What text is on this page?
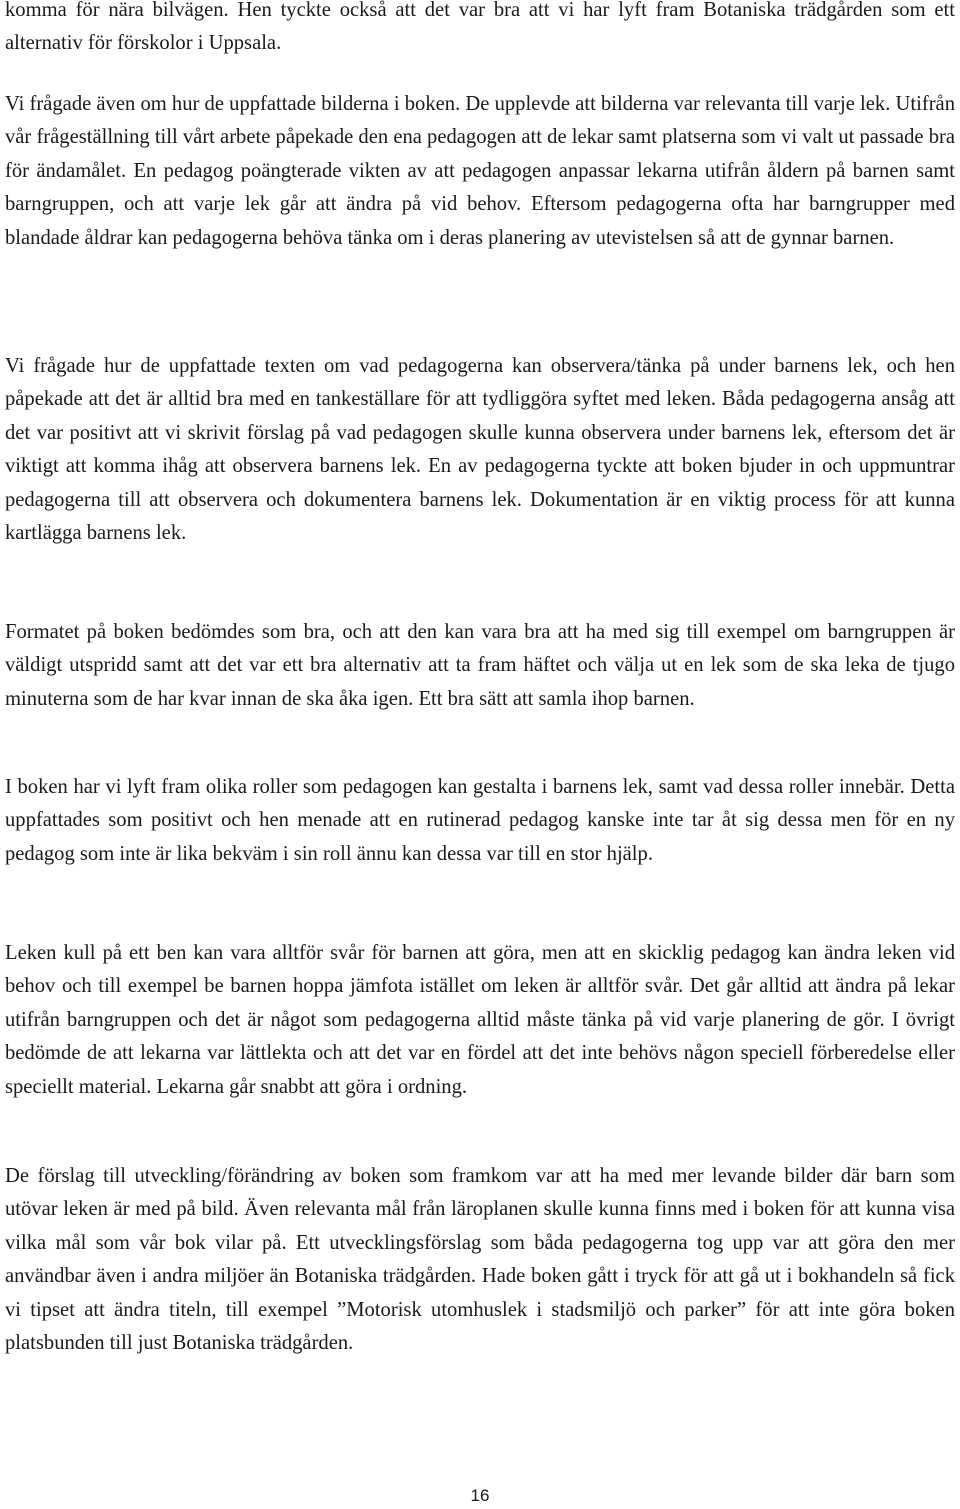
komma för nära bilvägen. Hen tyckte också att det var bra att vi har lyft fram Botaniska trädgården som ett alternativ för förskolor i Uppsala.

Vi frågade även om hur de uppfattade bilderna i boken. De upplevde att bilderna var relevanta till varje lek. Utifrån vår frågeställning till vårt arbete påpekade den ena pedagogen att de lekar samt platserna som vi valt ut passade bra för ändamålet. En pedagog poängterade vikten av att pedagogen anpassar lekarna utifrån åldern på barnen samt barngruppen, och att varje lek går att ändra på vid behov. Eftersom pedagogerna ofta har barngrupper med blandade åldrar kan pedagogerna behöva tänka om i deras planering av utevistelsen så att de gynnar barnen.

Vi frågade hur de uppfattade texten om vad pedagogerna kan observera/tänka på under barnens lek, och hen påpekade att det är alltid bra med en tankeställare för att tydliggöra syftet med leken. Båda pedagogerna ansåg att det var positivt att vi skrivit förslag på vad pedagogen skulle kunna observera under barnens lek, eftersom det är viktigt att komma ihåg att observera barnens lek. En av pedagogerna tyckte att boken bjuder in och uppmuntrar pedagogerna till att observera och dokumentera barnens lek. Dokumentation är en viktig process för att kunna kartlägga barnens lek.

Formatet på boken bedömdes som bra, och att den kan vara bra att ha med sig till exempel om barngruppen är väldigt utspridd samt att det var ett bra alternativ att ta fram häftet och välja ut en lek som de ska leka de tjugo minuterna som de har kvar innan de ska åka igen. Ett bra sätt att samla ihop barnen.

I boken har vi lyft fram olika roller som pedagogen kan gestalta i barnens lek, samt vad dessa roller innebär. Detta uppfattades som positivt och hen menade att en rutinerad pedagog kanske inte tar åt sig dessa men för en ny pedagog som inte är lika bekväm i sin roll ännu kan dessa var till en stor hjälp.

Leken kull på ett ben kan vara alltför svår för barnen att göra, men att en skicklig pedagog kan ändra leken vid behov och till exempel be barnen hoppa jämfota istället om leken är alltför svår. Det går alltid att ändra på lekar utifrån barngruppen och det är något som pedagogerna alltid måste tänka på vid varje planering de gör. I övrigt bedömde de att lekarna var lättlekta och att det var en fördel att det inte behövs någon speciell förberedelse eller speciellt material. Lekarna går snabbt att göra i ordning.

De förslag till utveckling/förändring av boken som framkom var att ha med mer levande bilder där barn som utövar leken är med på bild. Även relevanta mål från läroplanen skulle kunna finns med i boken för att kunna visa vilka mål som vår bok vilar på. Ett utvecklingsförslag som båda pedagogerna tog upp var att göra den mer användbar även i andra miljöer än Botaniska trädgården. Hade boken gått i tryck för att gå ut i bokhandeln så fick vi tipset att ändra titeln, till exempel ”Motorisk utomhuslek i stadsmiljö och parker” för att inte göra boken platsbunden till just Botaniska trädgården.

16
